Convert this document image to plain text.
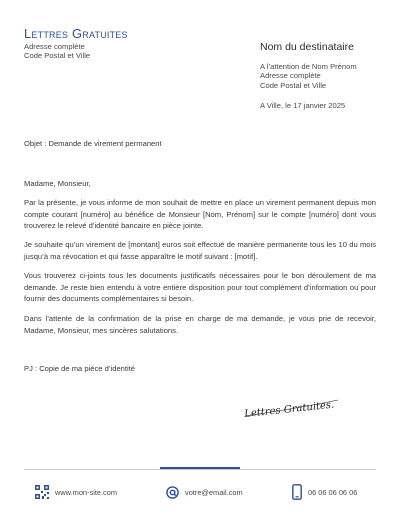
Lettres Gratuites
Adresse complète
Code Postal et Ville
Nom du destinataire
A l’attention de Nom Prénom
Adresse complète
Code Postal et Ville
A Ville, le 17 janvier 2025
Objet : Demande de virement permanent
Madame, Monsieur,
Par la présente, je vous informe de mon souhait de mettre en place un virement permanent depuis mon compte courant [numéro] au bénéfice de Monsieur [Nom, Prénom] sur le compte [numéro] dont vous trouverez le relevé d’identité bancaire en pièce jointe.
Je souhaite qu’un virement de [montant] euros soit effectué de manière permanente tous les 10 du mois jusqu’à ma révocation et qui fasse apparaître le motif suivant : [motif].
Vous trouverez ci-joints tous les documents justificatifs nécessaires pour le bon déroulement de ma demande. Je reste bien entendu à votre entière disposition pour tout complément d’information ou pour fournir des documents complémentaires si besoin.
Dans l’attente de la confirmation de la prise en charge de ma demande, je vous prie de recevoir, Madame, Monsieur, mes sincères salutations.
PJ : Copie de ma pièce d’identité
Lettres Gratuites.
www.mon-site.com	votre@email.com	06 06 06 06 06
